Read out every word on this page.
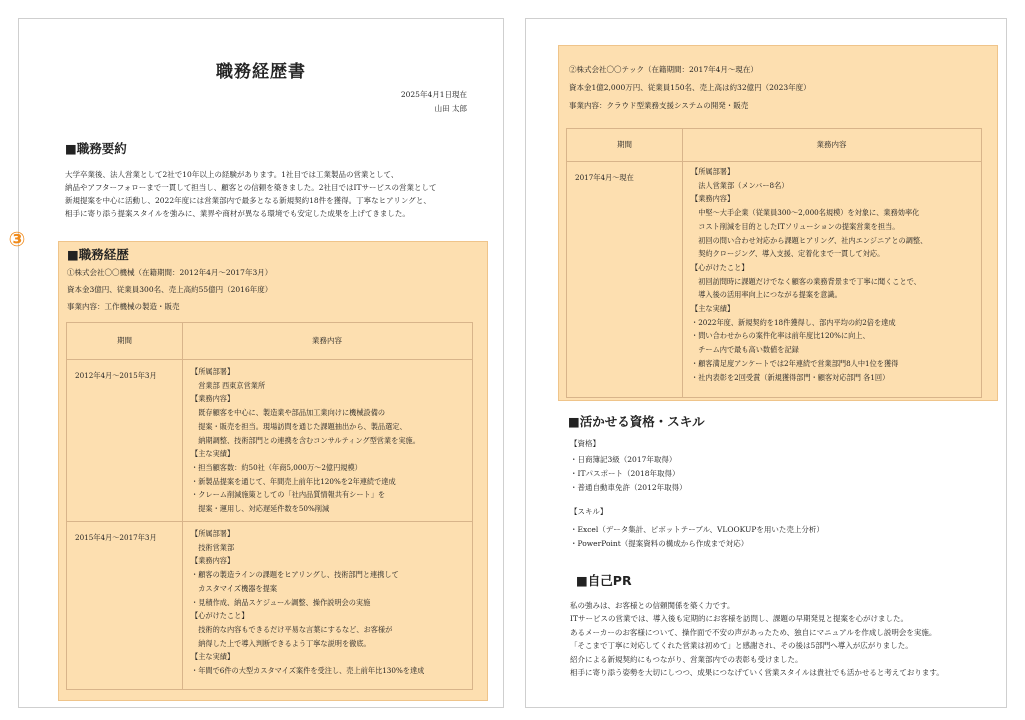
職務経歴書
2025年4月1日現在
山田 太郎
■職務要約
大学卒業後、法人営業として2社で10年以上の経験があります。1社目では工業製品の営業として、
納品やアフターフォローまで一貫して担当し、顧客との信頼を築きました。2社目ではITサービスの営業として
新規提案を中心に活動し、2022年度には営業部内で最多となる新規契約18件を獲得。丁寧なヒアリングと、
相手に寄り添う提案スタイルを強みに、業界や商材が異なる環境でも安定した成果を上げてきました。
■職務経歴
①株式会社〇〇機械（在籍期間：2012年4月〜2017年3月）
資本金3億円、従業員300名、売上高約55億円（2016年度）
事業内容：工作機械の製造・販売
期間	業務内容
2012年4月〜2015年3月	【所属部署】
　営業部 西東京営業所
【業務内容】
　既存顧客を中心に、製造業や部品加工業向けに機械設備の
　提案・販売を担当。現場訪問を通じた課題抽出から、製品選定、
　納期調整、技術部門との連携を含むコンサルティング型営業を実施。
【主な実績】
・担当顧客数：約50社（年商5,000万〜2億円規模）
・新製品提案を通じて、年間売上前年比120%を2年連続で達成
・クレーム削減施策としての「社内品質情報共有シート」を
　提案・運用し、対応遅延件数を50%削減
2015年4月〜2017年3月	【所属部署】
　技術営業部
【業務内容】
・顧客の製造ラインの課題をヒアリングし、技術部門と連携して
　カスタマイズ機器を提案
・見積作成、納品スケジュール調整、操作説明会の実施
【心がけたこと】
　技術的な内容もできるだけ平易な言葉にするなど、お客様が
　納得した上で導入判断できるよう丁寧な説明を徹底。
【主な実績】
・年間で6件の大型カスタマイズ案件を受注し、売上前年比130%を達成
③
②株式会社〇〇テック（在籍期間：2017年4月〜現在）
資本金1億2,000万円、従業員150名、売上高は約32億円（2023年度）
事業内容：クラウド型業務支援システムの開発・販売
期間	業務内容
2017年4月〜現在
【所属部署】
　法人営業部（メンバー8名）
【業務内容】
　中堅〜大手企業（従業員300〜2,000名規模）を対象に、業務効率化
　コスト削減を目的としたITソリューションの提案営業を担当。
　初回の問い合わせ対応から課題ヒアリング、社内エンジニアとの調整、
　契約クロージング、導入支援、定着化まで一貫して対応。
【心がけたこと】
　初回訪問時に課題だけでなく顧客の業務背景まで丁寧に聞くことで、
　導入後の活用率向上につながる提案を意識。
【主な実績】
・2022年度、新規契約を18件獲得し、部内平均の約2倍を達成
・問い合わせからの案件化率は前年度比120%に向上、
　チーム内で最も高い数値を記録
・顧客満足度アンケートでは2年連続で営業部門8人中1位を獲得
・社内表彰を2回受賞（新規獲得部門・顧客対応部門 各1回）
■活かせる資格・スキル
【資格】
・日商簿記3級（2017年取得）
・ITパスポート（2018年取得）
・普通自動車免許（2012年取得）
【スキル】
・Excel（データ集計、ピボットテーブル、VLOOKUPを用いた売上分析）
・PowerPoint（提案資料の構成から作成まで対応）
■自己PR
私の強みは、お客様との信頼関係を築く力です。
ITサービスの営業では、導入後も定期的にお客様を訪問し、課題の早期発見と提案を心がけました。
あるメーカーのお客様について、操作面で不安の声があったため、独自にマニュアルを作成し説明会を実施。
「そこまで丁寧に対応してくれた営業は初めて」と感謝され、その後は5部門へ導入が広がりました。
紹介による新規契約にもつながり、営業部内での表彰も受けました。
相手に寄り添う姿勢を大切にしつつ、成果につなげていく営業スタイルは貴社でも活かせると考えております。
